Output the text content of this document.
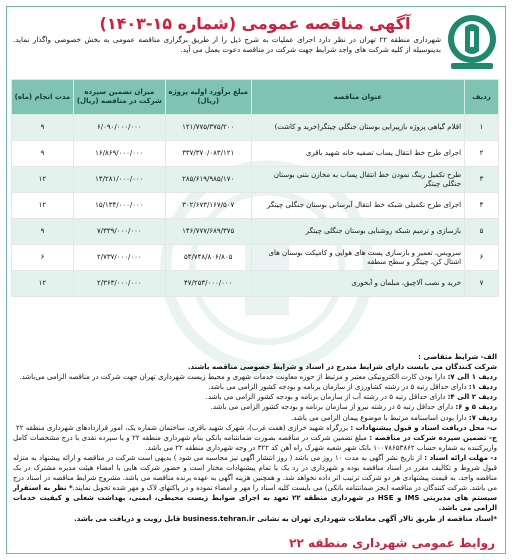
آگهی مناقصه عمومی (شماره ۱۵-۱۴۰۳)
شهرداری منطقه ۲۲ تهران در نظر دارد اجرای عملیات به شرح ذیل را از طریق برگزاری مناقصه عمومی به بخش خصوصی واگذار نماید. بدینوسیله از کلیه شرکت های واجد شرایط جهت شرکت در مناقصه دعوت بعمل می آید.
ردیف	عنوان مناقصه	مبلغ برآورد اولیه پروژه (ریال)	میزان تضمین سپرده شرکت در مناقصه (ریال)	مدت انجام (ماه)
۱	اقلام گیاهی پروژه بازپیرایی بوستان جنگلی چیتگر(خرید و کاشت)	۱۲۱/۷۷۵/۳۷۵/۲۰۰	۶/۰۹۰/۰۰۰/۰۰۰	۹
۲	اجرای طرح خط انتقال پساب تصفیه خانه شهید باقری	۳۳۷/۳۷۰/۰۸۳/۱۲۱	۱۶/۸۶۹/۰۰۰/۰۰۰	۹
۳	طرح تکمیل رینگ نمودن خط انتقال پساب به مخازن بتنی بوستان جنگلی چیتگر	۲۸۵/۶۱۹/۹۸۵/۱۷۰	۱۴/۲۸۱/۰۰۰/۰۰۰	۱۲
۴	اجرای طرح تکمیلی شبکه خط انتقال آبرسانی بوستان جنگلی چیتگر	۳۰۲/۶۷۳/۱۶۷/۵۰۷	۱۵/۱۳۴/۰۰۰/۰۰۰	۱۲
۵	بازسازی و ترمیم شبکه روشنایی بوستان جنگلی چیتگر	۱۴۶/۷۷۷/۶۸۹/۳۷۵	۷/۳۳۹/۰۰۰/۰۰۰	۹
۶	سرویس، تعمیر و بازسازی پست های هوایی و کامپکت بوستان های اشتال کن، چیتگر و سطح منطقه	۵۴/۷۴۸/۸۰۶/۸۰۵	۲/۷۳۷/۰۰۰/۰۰۰	۶
۷	خرید و نصب آلاچیق، مبلمان و آبخوری	۴۷/۲۵۳/۰۰۰/۰۰۰	۲/۳۶۳/۰۰۰/۰۰۰	۱۲

الف- شرایط متقاضی :

شرکت کنندگان می بایست دارای شرایط مندرج در اسناد و شرایط خصوصی مناقصه باشند.

ردیف ۱ الی ۷: دارا بودن کارت الکترونیکی معتبر و مرتبط از حوزه معاونت خدمات شهری و محیط زیست شهرداری تهران جهت شرکت در مناقصه الزامی می‌باشد.

ردیف ۱: دارای حداقل رتبه ۵ در رشته کشاورزی از سازمان برنامه و بودجه کشور الزامی می باشد.

ردیف ۲ الی ۴: دارای حداقل رتبه ۵ در رشته آب از سازمان برنامه و بودجه کشور الزامی می باشد.

ردیف ۵ و ۶: دارای حداقل رتبه ۵ در رشته نیرو از سازمان برنامه و بودجه کشور الزامی می باشد.

ردیف ۷: دارا بودن اساسنامه مرتبط با موضوع پیمان الزامی می باشد.

ب- محل دریافت اسناد و قبول پیشنهادات : بزرگراه شهید خرازی (همت غرب)، شهرک شهید باقری، ساختمان شماره یک، امور قراردادهای شهرداری منطقه ۲۲

ج- تضمین سپرده شرکت در مناقصه : مبلغ تضمین شرکت در مناقصه بصورت ضمانتنامه بانکی بنام شهرداری منطقه ۲۲ و یا سپرده نقدی با درج مشخصات کامل واریزکننده به شماره حساب ۱۰۰۷۸۶۵۳۸۶۲ بانک شهر شعبه شهرک راه آهن کد ۳۲۲ در وجه شهرداری منطقه ۲۲ می باشد.

د- مهلت ارائه اسناد : از تاریخ نشر آگهی به مدت ۱۰ روز می باشد ( روز انتشار آگهی نیز محاسبه می شود ) بدیهی است شرکت در مناقصه و ارائه پیشنهاد به منزله قبول شروط و تکالیف مقرر در اسناد مناقصه بوده و شهرداری در رد یک یا تمام پیشنهادات مختار است و حضور شرکت هایی با امضاء هیئت مدیره مشترک در یک مناقصه واجد، به قیمت پیشنهادی هر دو شرکت ترتیب اثر داده نخواهد شد. و همچنین هزینه آگهی به عهده برنده مناقصه می باشد. مشروح شرایط مناقصه در اسناد درج می باشد. شرکت کنندگان در مناقصه (بجز ضمانتنامه بانکی) می بایست کلیه اسناد را مهر و امضاء نموده و در پاکتهای لاک و مهر شده تحویل نمایند.* نظر به استقرار سیستم های مدیریتی IMS و HSE در شهرداری منطقه ۲۲ تعهد به اجرای ضوابط زیست محیطی، ایمنی، بهداشت شغلی و کیفیت خدمات الزامی می باشد.

*اسناد مناقصه از طریق تالار آگهی معاملات شهرداری تهران به نشانی business.tehran.ir قابل رویت و دریافت می باشد.

روابط عمومی شهرداری منطقه ۲۲
